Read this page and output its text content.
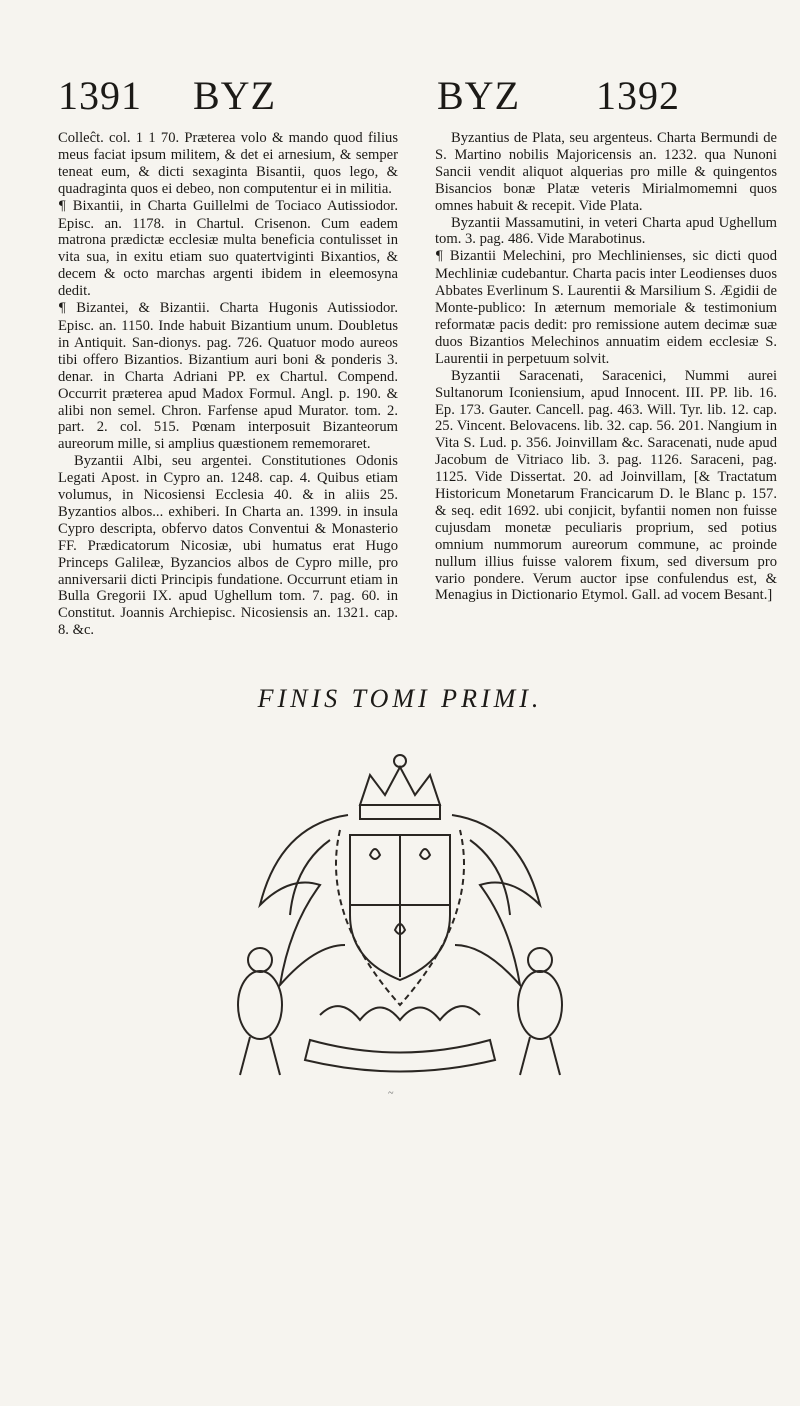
1391 BYZ	BYZ 1392

Colleĉt. col. 1 1 70. Præterea volo & mando quod filius meus faciat ipsum militem, & det ei arnesium, & semper teneat eum, & dicti sexaginta Bisantii, quos lego, & quadraginta quos ei debeo, non computentur ei in militia.

¶ Bixantii, in Charta Guillelmi de Tociaco Autissiodor. Episc. an. 1178. in Chartul. Crisenon. Cum eadem matrona prædictæ ecclesiæ multa beneficia contulisset in vita sua, in exitu etiam suo quatertviginti Bixantios, & decem & octo marchas argenti ibidem in eleemosyna dedit.

¶ Bizantei, & Bizantii. Charta Hugonis Autissiodor. Episc. an. 1150. Inde habuit Bizantium unum. Doubletus in Antiquit. San-dionys. pag. 726. Quatuor modo aureos tibi offero Bizantios. Bizantium auri boni & ponderis 3. denar. in Charta Adriani PP. ex Chartul. Compend. Occurrit præterea apud Madox Formul. Angl. p. 190. & alibi non semel. Chron. Farfense apud Murator. tom. 2. part. 2. col. 515. Pœnam interposuit Bizanteorum aureorum mille, si amplius quæstionem rememoraret.

Byzantii Albi, seu argentei. Constitutiones Odonis Legati Apost. in Cypro an. 1248. cap. 4. Quibus etiam volumus, in Nicosiensi Ecclesia 40. & in aliis 25. Byzantios albos... exhiberi. In Charta an. 1399. in insula Cypro descripta, obfervo datos Conventui & Monasterio FF. Prædicatorum Nicosiæ, ubi humatus erat Hugo Princeps Galileæ, Byzancios albos de Cypro mille, pro anniversarii dicti Principis fundatione. Occurrunt etiam in Bulla Gregorii IX. apud Ughellum tom. 7. pag. 60. in Constitut. Joannis Archiepisc. Nicosiensis an. 1321. cap. 8. &c.

Byzantius de Plata, seu argenteus. Charta Bermundi de S. Martino nobilis Majoricensis an. 1232. qua Nunoni Sancii vendit aliquot alquerias pro mille & quingentos Bisancios bonæ Platæ veteris Mirialmomemni quos omnes habuit & recepit. Vide Plata.

Byzantii Massamutini, in veteri Charta apud Ughellum tom. 3. pag. 486. Vide Marabotinus.

¶ Bizantii Melechini, pro Mechlinienses, sic dicti quod Mechliniæ cudebantur. Charta pacis inter Leodienses duos Abbates Everlinum S. Laurentii & Marsilium S. Ægidii de Monte-publico: In æternum memoriale & testimonium reformatæ pacis dedit: pro remissione autem decimæ suæ duos Bizantios Melechinos annuatim eidem ecclesiæ S. Laurentii in perpetuum solvit.

Byzantii Saracenati, Saracenici, Nummi aurei Sultanorum Iconiensium, apud Innocent. III. PP. lib. 16. Ep. 173. Gauter. Cancell. pag. 463. Will. Tyr. lib. 12. cap. 25. Vincent. Belovacens. lib. 32. cap. 56. 201. Nangium in Vita S. Lud. p. 356. Joinvillam &c. Saracenati, nude apud Jacobum de Vitriaco lib. 3. pag. 1126. Saraceni, pag. 1125. Vide Dissertat. 20. ad Joinvillam, [& Tractatum Historicum Monetarum Francicarum D. le Blanc p. 157. & seq. edit 1692. ubi conjicit, byfantii nomen non fuisse cujusdam monetæ peculiaris proprium, sed potius omnium nummorum aureorum commune, ac proinde nullum illius fuisse valorem fixum, sed diversum pro vario pondere. Verum auctor ipse confulendus est, & Menagius in Dictionario Etymol. Gall. ad vocem Besant.]

FINIS TOMI PRIMI.
~
